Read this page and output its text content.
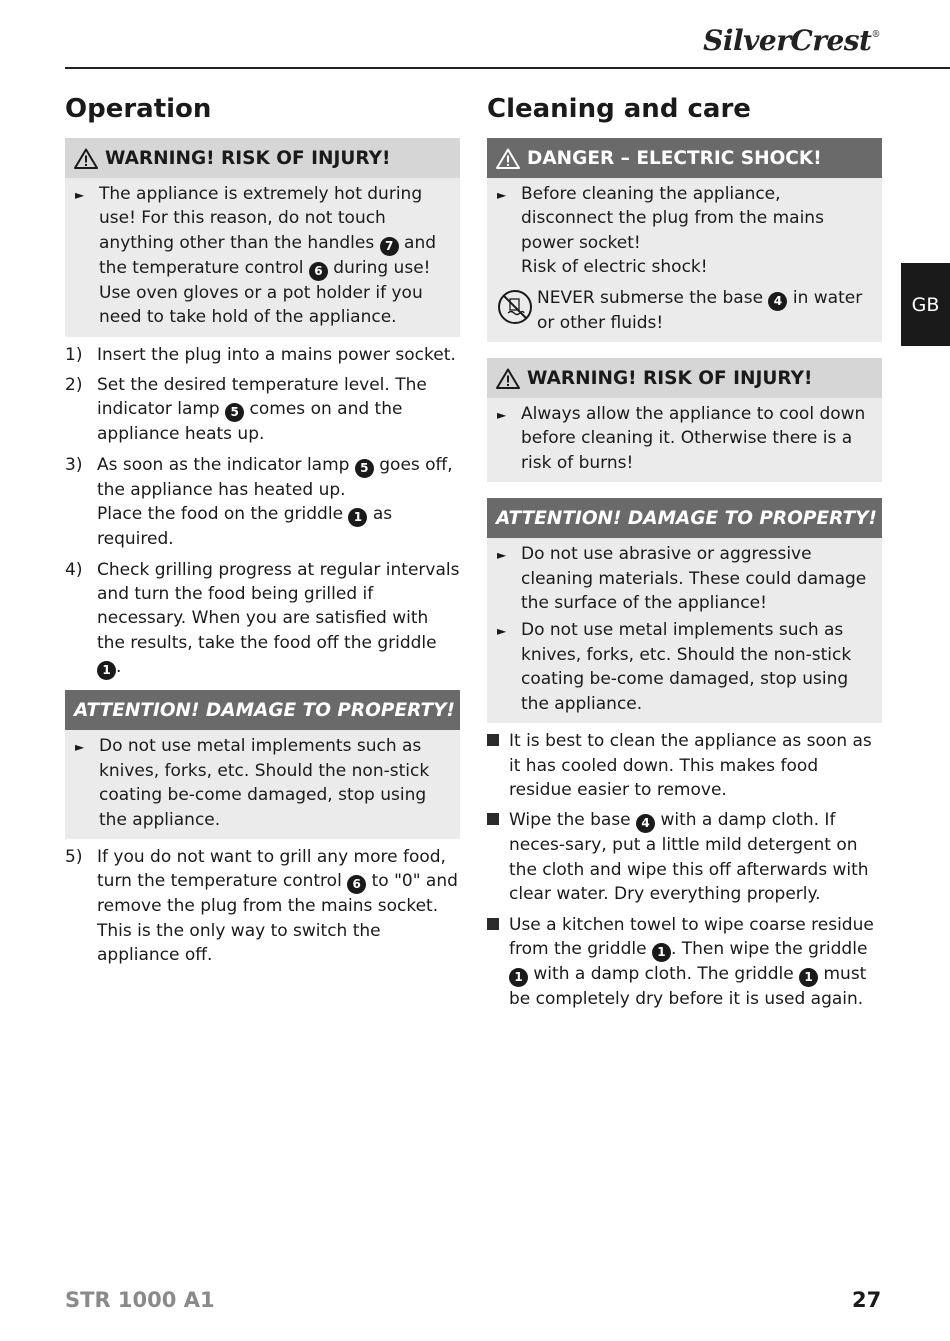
SilverCrest®
GB
Operation
WARNING! RISK OF INJURY!
► The appliance is extremely hot during use! For this reason, do not touch anything other than the handles 7 and the temperature control 6 during use! Use oven gloves or a pot holder if you need to take hold of the appliance.
1) Insert the plug into a mains power socket.
2) Set the desired temperature level. The indicator lamp 5 comes on and the appliance heats up.
3) As soon as the indicator lamp 5 goes off, the appliance has heated up.
Place the food on the griddle 1 as required.
4) Check grilling progress at regular intervals and turn the food being grilled if necessary. When you are satisfied with the results, take the food off the griddle 1 .
ATTENTION! DAMAGE TO PROPERTY!
► Do not use metal implements such as knives, forks, etc. Should the non-stick coating be-come damaged, stop using the appliance.
5) If you do not want to grill any more food, turn the temperature control 6 to "0" and remove the plug from the mains socket. This is the only way to switch the appliance off.
Cleaning and care
DANGER – ELECTRIC SHOCK!
► Before cleaning the appliance, disconnect the plug from the mains power socket!
Risk of electric shock!
NEVER submerse the base 4 in water or other fluids!
WARNING! RISK OF INJURY!
► Always allow the appliance to cool down before cleaning it. Otherwise there is a risk of burns!
ATTENTION! DAMAGE TO PROPERTY!
► Do not use abrasive or aggressive cleaning materials. These could damage the surface of the appliance!
► Do not use metal implements such as knives, forks, etc. Should the non-stick coating be-come damaged, stop using the appliance.
It is best to clean the appliance as soon as it has cooled down. This makes food residue easier to remove.
Wipe the base 4 with a damp cloth. If neces-sary, put a little mild detergent on the cloth and wipe this off afterwards with clear water. Dry everything properly.
Use a kitchen towel to wipe coarse residue from the griddle 1 . Then wipe the griddle 1 with a damp cloth. The griddle 1 must be completely dry before it is used again.
STR 1000 A1	27
